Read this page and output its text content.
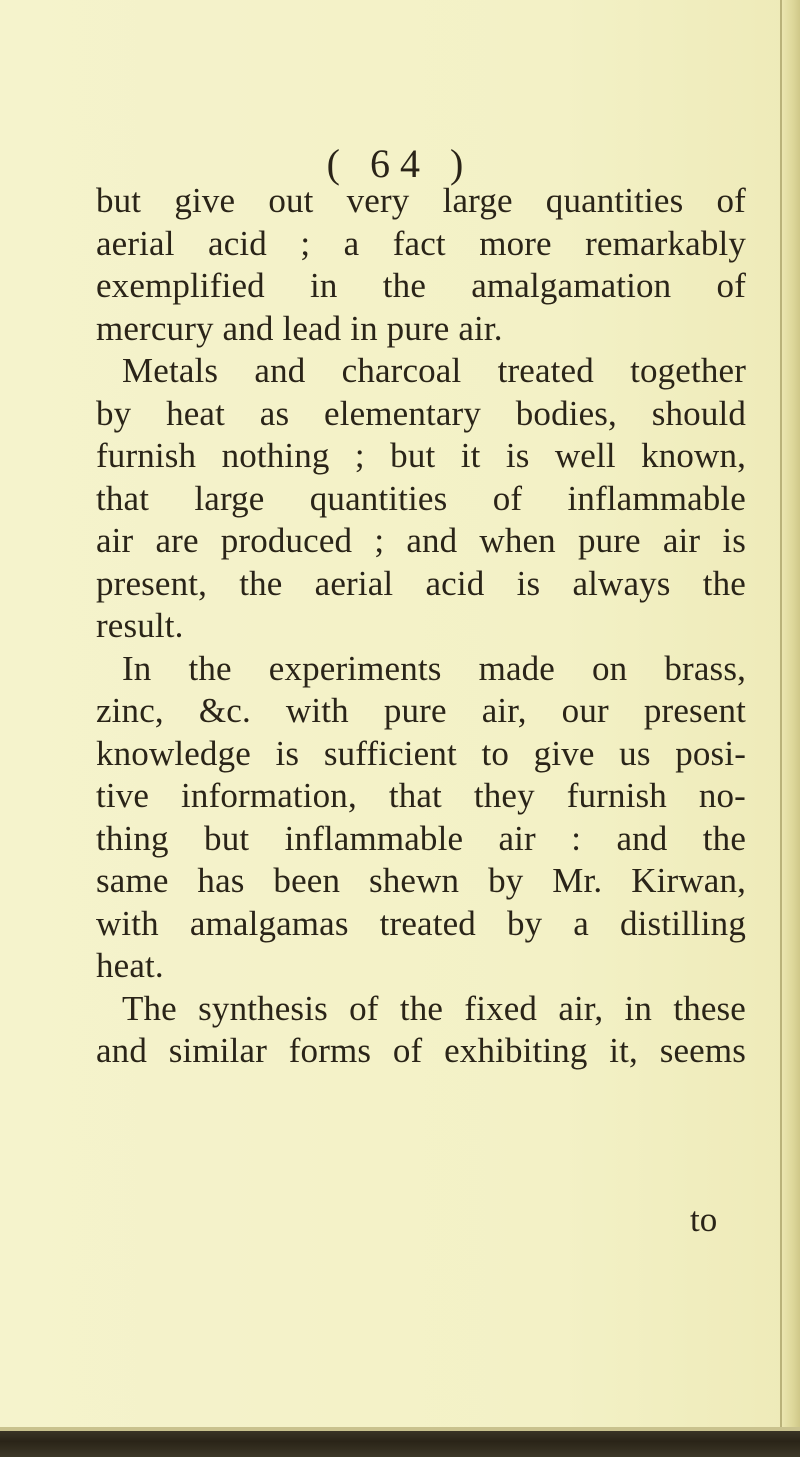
( 64 )
but give out very large quantities of
aerial acid ; a fact more remarkably
exemplified in the amalgamation of
mercury and lead in pure air.
Metals and charcoal treated together
by heat as elementary bodies, should
furnish nothing ; but it is well known,
that large quantities of inflammable
air are produced ; and when pure air is
present, the aerial acid is always the
result.
In the experiments made on brass,
zinc, &c. with pure air, our present
knowledge is sufficient to give us posi-
tive information, that they furnish no-
thing but inflammable air : and the
same has been shewn by Mr. Kirwan,
with amalgamas treated by a distilling
heat.
The synthesis of the fixed air, in these
and similar forms of exhibiting it, seems
to
